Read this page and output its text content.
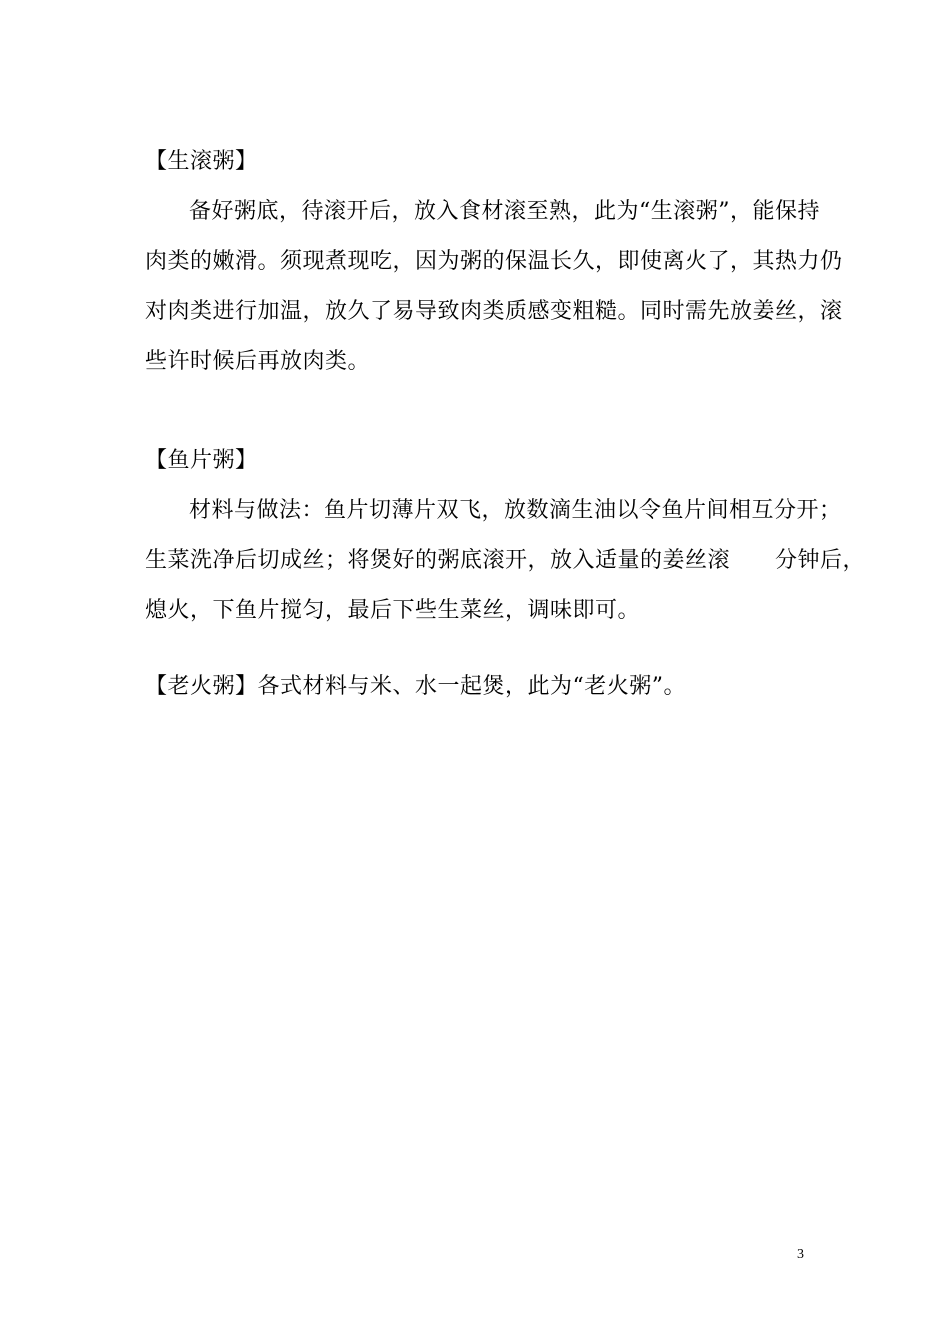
【生滚粥】
备好粥底，待滚开后，放入食材滚至熟，此为“生滚粥”，能保持
肉类的嫩滑。须现煮现吃，因为粥的保温长久，即使离火了，其热力仍
对肉类进行加温，放久了易导致肉类质感变粗糙。同时需先放姜丝，滚
些许时候后再放肉类。
【鱼片粥】
材料与做法：鱼片切薄片双飞，放数滴生油以令鱼片间相互分开；
生菜洗净后切成丝；将煲好的粥底滚开，放入适量的姜丝滚　　分钟后，
熄火，下鱼片搅匀，最后下些生菜丝，调味即可。
【老火粥】各式材料与米、水一起煲，此为“老火粥”。
3
